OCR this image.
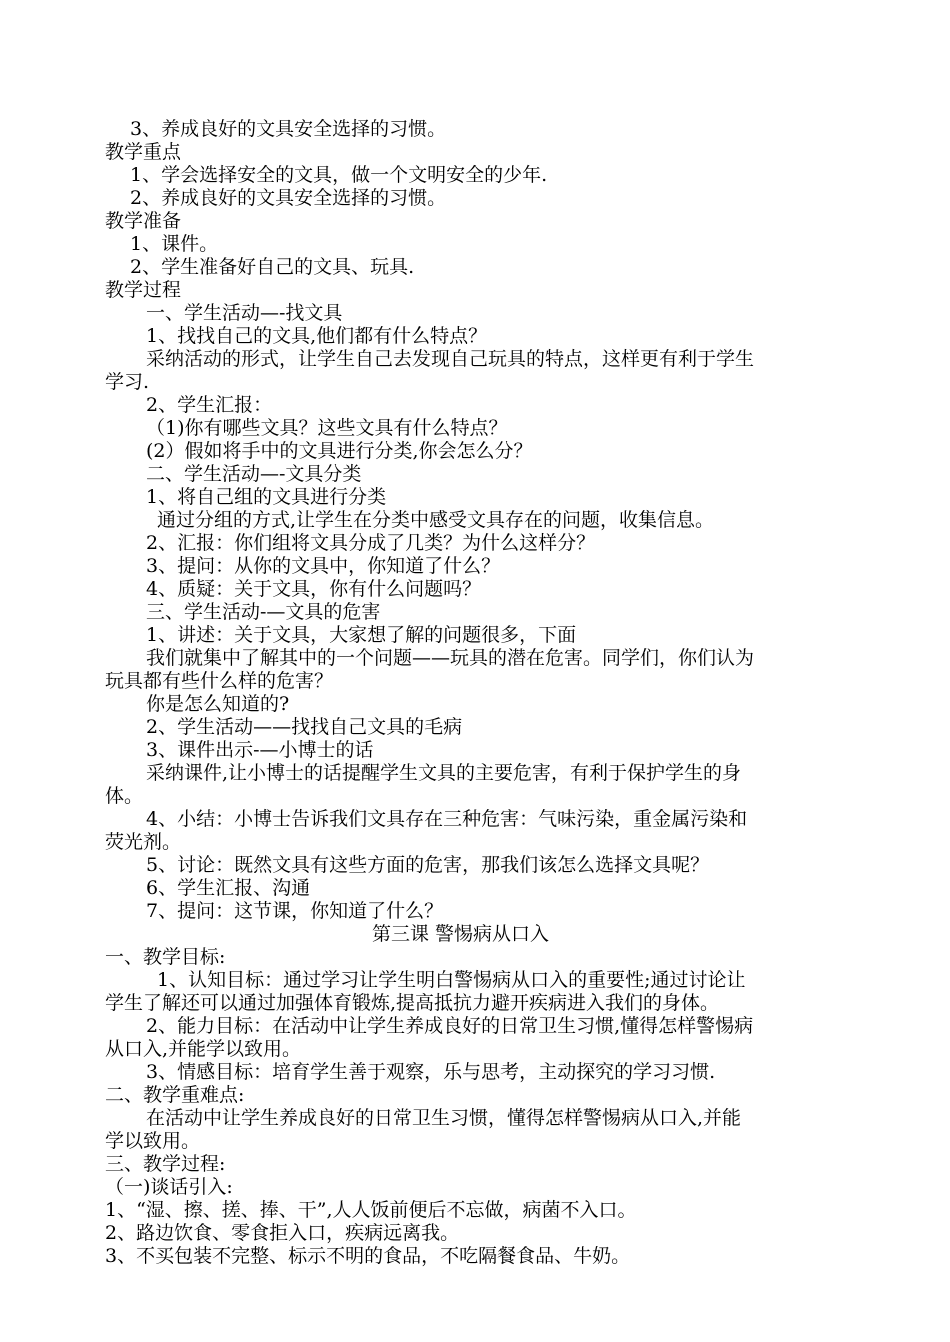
3、养成良好的文具安全选择的习惯。
教学重点
1、学会选择安全的文具，做一个文明安全的少年.
2、养成良好的文具安全选择的习惯。
教学准备
1、课件。
2、学生准备好自己的文具、玩具.
教学过程
一、学生活动—-找文具
1、找找自己的文具,他们都有什么特点？
采纳活动的形式，让学生自己去发现自己玩具的特点，这样更有利于学生
学习.
2、学生汇报：
（1)你有哪些文具？这些文具有什么特点？
(2）假如将手中的文具进行分类,你会怎么分？
二、学生活动—-文具分类
1、将自己组的文具进行分类
通过分组的方式,让学生在分类中感受文具存在的问题，收集信息。
2、汇报：你们组将文具分成了几类？为什么这样分？
3、提问：从你的文具中，你知道了什么？
4、质疑：关于文具，你有什么问题吗？
三、学生活动-—文具的危害
1、讲述：关于文具，大家想了解的问题很多，下面
我们就集中了解其中的一个问题——玩具的潜在危害。同学们，你们认为
玩具都有些什么样的危害？
你是怎么知道的?
2、学生活动——找找自己文具的毛病
3、课件出示-—小博士的话
采纳课件,让小博士的话提醒学生文具的主要危害，有利于保护学生的身
体。
4、小结：小博士告诉我们文具存在三种危害：气味污染，重金属污染和
荧光剂。
5、讨论：既然文具有这些方面的危害，那我们该怎么选择文具呢？
6、学生汇报、沟通
7、提问：这节课，你知道了什么？
第三课 警惕病从口入
一、教学目标:
1、认知目标：通过学习让学生明白警惕病从口入的重要性;通过讨论让
学生了解还可以通过加强体育锻炼,提高抵抗力避开疾病进入我们的身体。
2、能力目标：在活动中让学生养成良好的日常卫生习惯,懂得怎样警惕病
从口入,并能学以致用。
3、情感目标：培育学生善于观察，乐与思考，主动探究的学习习惯.
二、教学重难点:
在活动中让学生养成良好的日常卫生习惯，懂得怎样警惕病从口入,并能
学以致用。
三、教学过程:
（一)谈话引入:
1、“湿、擦、搓、捧、干”,人人饭前便后不忘做，病菌不入口。
2、路边饮食、零食拒入口，疾病远离我。
3、不买包装不完整、标示不明的食品，不吃隔餐食品、牛奶。
